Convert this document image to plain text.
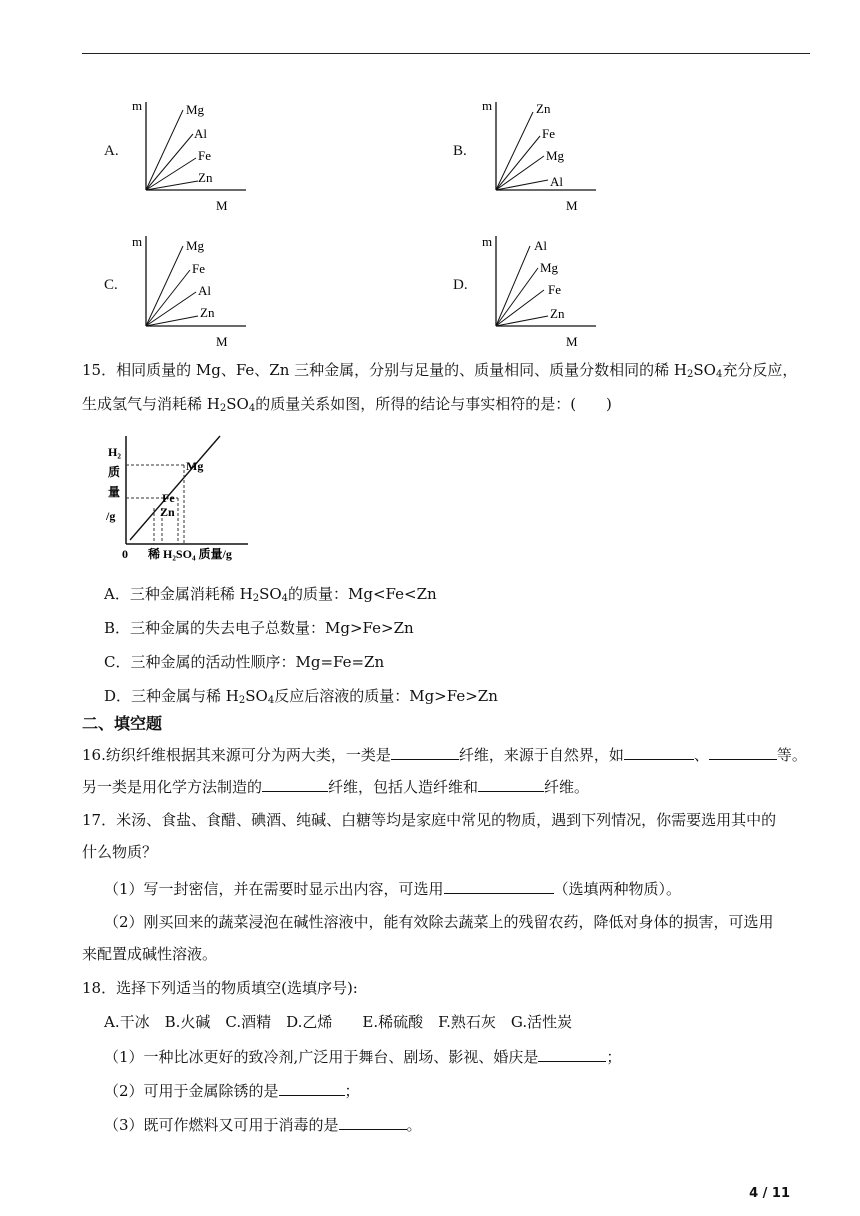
A.
m
M
Mg
Al
Fe
Zn
B.
m
M
Zn
Fe
Mg
Al
C.
m
M
Mg
Fe
Al
Zn
D.
m
M
Al
Mg
Fe
Zn
15．相同质量的 Mg、Fe、Zn 三种金属，分别与足量的、质量相同、质量分数相同的稀 $H_2SO_4$充分反应，
生成氢气与消耗稀 $H_2SO_4$的质量关系如图，所得的结论与事实相符的是：(　　)
H₂
质
量
/g
0 稀 H₂SO₄ 质量/g
Mg
Fe
Zn
A．三种金属消耗稀 $H_2SO_4$的质量：Mg<Fe<Zn
B．三种金属的失去电子总数量：Mg>Fe>Zn
C．三种金属的活动性顺序：Mg=Fe=Zn
D．三种金属与稀 $H_2SO_4$反应后溶液的质量：Mg>Fe>Zn
二、填空题
16.纺织纤维根据其来源可分为两大类，一类是	纤维，来源于自然界，如	、	等。
另一类是用化学方法制造的	纤维，包括人造纤维和	纤维。
17．米汤、食盐、食醋、碘酒、纯碱、白糖等均是家庭中常见的物质，遇到下列情况，你需要选用其中的
什么物质？
（1）写一封密信，并在需要时显示出内容，可选用	（选填两种物质）。
（2）刚买回来的蔬菜浸泡在碱性溶液中，能有效除去蔬菜上的残留农药，降低对身体的损害，可选用
来配置成碱性溶液。
18．选择下列适当的物质填空(选填序号):
A.干冰　B.火碱　C.酒精　D.乙烯　　E.稀硫酸　F.熟石灰　G.活性炭
（1）一种比冰更好的致冷剂,广泛用于舞台、剧场、影视、婚庆是	；
（2）可用于金属除锈的是	；
（3）既可作燃料又可用于消毒的是	。
4 / 11
